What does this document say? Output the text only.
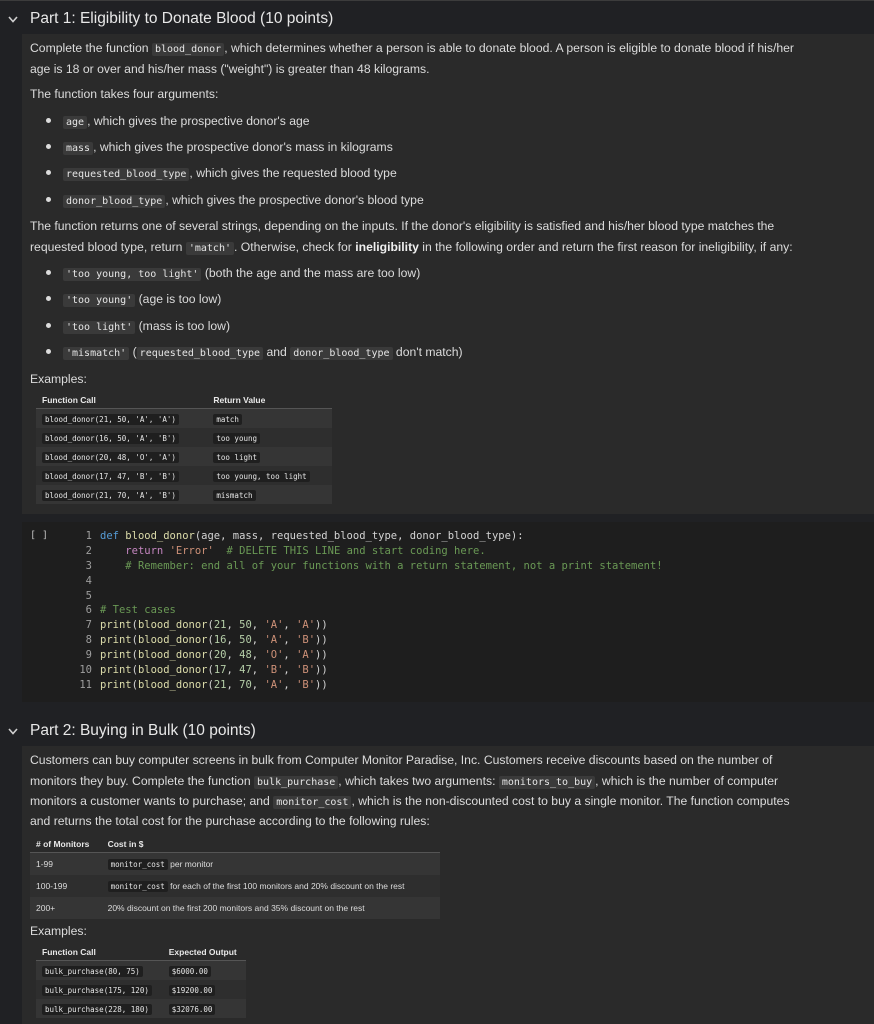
Part 1: Eligibility to Donate Blood (10 points)
Complete the function blood_donor , which determines whether a person is able to donate blood. A person is eligible to donate blood if his/her
age is 18 or over and his/her mass ("weight") is greater than 48 kilograms.
The function takes four arguments:
age , which gives the prospective donor's age
mass , which gives the prospective donor's mass in kilograms
requested_blood_type , which gives the requested blood type
donor_blood_type , which gives the prospective donor's blood type
The function returns one of several strings, depending on the inputs. If the donor's eligibility is satisfied and his/her blood type matches the
requested blood type, return 'match' . Otherwise, check for ineligibility in the following order and return the first reason for ineligibility, if any:
'too young, too light' (both the age and the mass are too low)
'too young' (age is too low)
'too light' (mass is too low)
'mismatch' ( requested_blood_type and donor_blood_type don't match)
Examples:
Function Call	Return Value
blood_donor(21, 50, 'A', 'A')	match
blood_donor(16, 50, 'A', 'B')	too young
blood_donor(20, 48, 'O', 'A')	too light
blood_donor(17, 47, 'B', 'B')	too young, too light
blood_donor(21, 70, 'A', 'B')	mismatch
[ ]	1 def blood_donor(age, mass, requested_blood_type, donor_blood_type):
2	return 'Error' # DELETE THIS LINE and start coding here.
3	# Remember: end all of your functions with a return statement, not a print statement!
4
5
6 # Test cases
7 print(blood_donor(21, 50, 'A', 'A'))
8 print(blood_donor(16, 50, 'A', 'B'))
9 print(blood_donor(20, 48, 'O', 'A'))
10 print(blood_donor(17, 47, 'B', 'B'))
11 print(blood_donor(21, 70, 'A', 'B'))
Part 2: Buying in Bulk (10 points)
Customers can buy computer screens in bulk from Computer Monitor Paradise, Inc. Customers receive discounts based on the number of
monitors they buy. Complete the function bulk_purchase , which takes two arguments: monitors_to_buy , which is the number of computer
monitors a customer wants to purchase; and monitor_cost , which is the non-discounted cost to buy a single monitor. The function computes
and returns the total cost for the purchase according to the following rules:
# of Monitors	Cost in $
1-99	monitor_cost per monitor
100-199	monitor_cost for each of the first 100 monitors and 20% discount on the rest
200+	20% discount on the first 200 monitors and 35% discount on the rest
Examples:
Function Call	Expected Output
bulk_purchase(80, 75)	$6000.00
bulk_purchase(175, 120)	$19200.00
bulk_purchase(228, 180)	$32076.00
